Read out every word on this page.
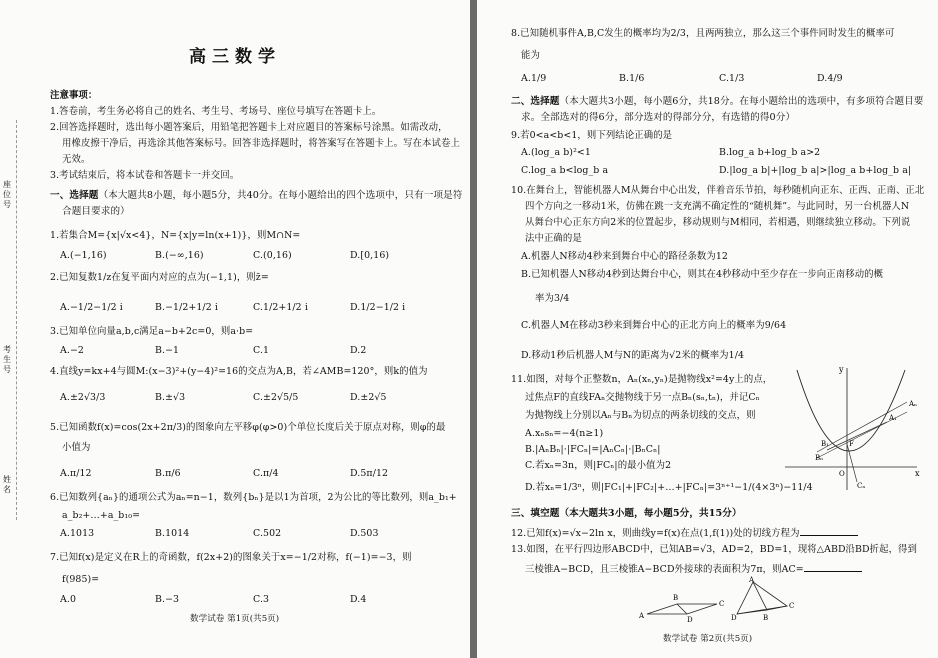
座位号
考生号
姓名
高三数学
注意事项：
1.答卷前，考生务必将自己的姓名、考生号、考场号、座位号填写在答题卡上。
2.回答选择题时，选出每小题答案后，用铅笔把答题卡上对应题目的答案标号涂黑。如需改动，
用橡皮擦干净后，再选涂其他答案标号。回答非选择题时，将答案写在答题卡上。写在本试卷上
无效。
3.考试结束后，将本试卷和答题卡一并交回。
一、选择题（本大题共8小题，每小题5分，共40分。在每小题给出的四个选项中，只有一项是符
合题目要求的）
1.若集合M={x|√x<4}，N={x|y=ln(x+1)}，则M∩N=
A.(−1,16)	B.(−∞,16)	C.(0,16)	D.[0,16)
2.已知复数1/z在复平面内对应的点为(−1,1)，则z̄=
A.−1/2−1/2 i	B.−1/2+1/2 i	C.1/2+1/2 i	D.1/2−1/2 i
3.已知单位向量a,b,c满足a−b+2c=0，则a·b=
A.−2	B.−1	C.1	D.2
4.直线y=kx+4与圆M:(x−3)²+(y−4)²=16的交点为A,B，若∠AMB=120°，则k的值为
A.±2√3/3	B.±√3	C.±2√5/5	D.±2√5
5.已知函数f(x)=cos(2x+2π/3)的图象向左平移φ(φ>0)个单位长度后关于原点对称，则φ的最
小值为
A.π/12	B.π/6	C.π/4	D.5π/12
6.已知数列{aₙ}的通项公式为aₙ=n−1，数列{bₙ}是以1为首项，2为公比的等比数列，则a_b₁+
a_b₂+…+a_b₁₀=
A.1013	B.1014	C.502	D.503
7.已知f(x)是定义在R上的奇函数，f(2x+2)的图象关于x=−1/2对称，f(−1)=−3，则
f(985)=
A.0	B.−3	C.3	D.4
数学试卷 第1页(共5页)
8.已知随机事件A,B,C发生的概率均为2/3，且两两独立，那么这三个事件同时发生的概率可
能为
A.1/9	B.1/6	C.1/3	D.4/9
二、选择题（本大题共3小题，每小题6分，共18分。在每小题给出的选项中，有多项符合题目要
求。全部选对的得6分，部分选对的得部分分，有选错的得0分）
9.若0<a<b<1，则下列结论正确的是
A.(log_a b)²<1	B.log_a b+log_b a>2
C.log_a b<log_b a	D.|log_a b|+|log_b a|>|log_a b+log_b a|
10.在舞台上，智能机器人M从舞台中心出发，伴着音乐节拍，每秒随机向正东、正西、正南、正北
四个方向之一移动1米，仿佛在跳一支充满不确定性的“随机舞”。与此同时，另一台机器人N
从舞台中心正东方向2米的位置起步，移动规则与M相同，若相遇，则继续独立移动。下列说
法中正确的是
A.机器人N移动4秒来到舞台中心的路径条数为12
B.已知机器人N移动4秒到达舞台中心，则其在4秒移动中至少存在一步向正南移动的概
率为3/4
C.机器人M在移动3秒来到舞台中心的正北方向上的概率为9/64
D.移动1秒后机器人M与N的距离为√2米的概率为1/4
11.如图，对每个正整数n，Aₙ(xₙ,yₙ)是抛物线x²=4y上的点，
过焦点F的直线FAₙ交抛物线于另一点Bₙ(sₙ,tₙ)，并记Cₙ
为抛物线上分别以Aₙ与Bₙ为切点的两条切线的交点，则
A.xₙsₙ=−4(n≥1)
B.|AₙBₙ|·|FCₙ|=|AₙCₙ|·|BₙCₙ|
C.若xₙ=3n，则|FCₙ|的最小值为2
D.若xₙ=1/3ⁿ，则|FC₁|+|FC₂|+…+|FCₙ|=3ⁿ⁺¹−1/(4×3ⁿ)−11/4
y
x
O
F
Aₙ
A₁
B₁
Bₙ
Cₙ
三、填空题（本大题共3小题，每小题5分，共15分）
12.已知f(x)=√x−2ln x，则曲线y=f(x)在点(1,f(1))处的切线方程为
13.如图，在平行四边形ABCD中，已知AB=√3，AD=2，BD=1，现将△ABD沿BD折起，得到
三棱锥A−BCD，且三棱锥A−BCD外接球的表面积为7π，则AC=
A
B
C
D
A
C
B
D
数学试卷 第2页(共5页)
